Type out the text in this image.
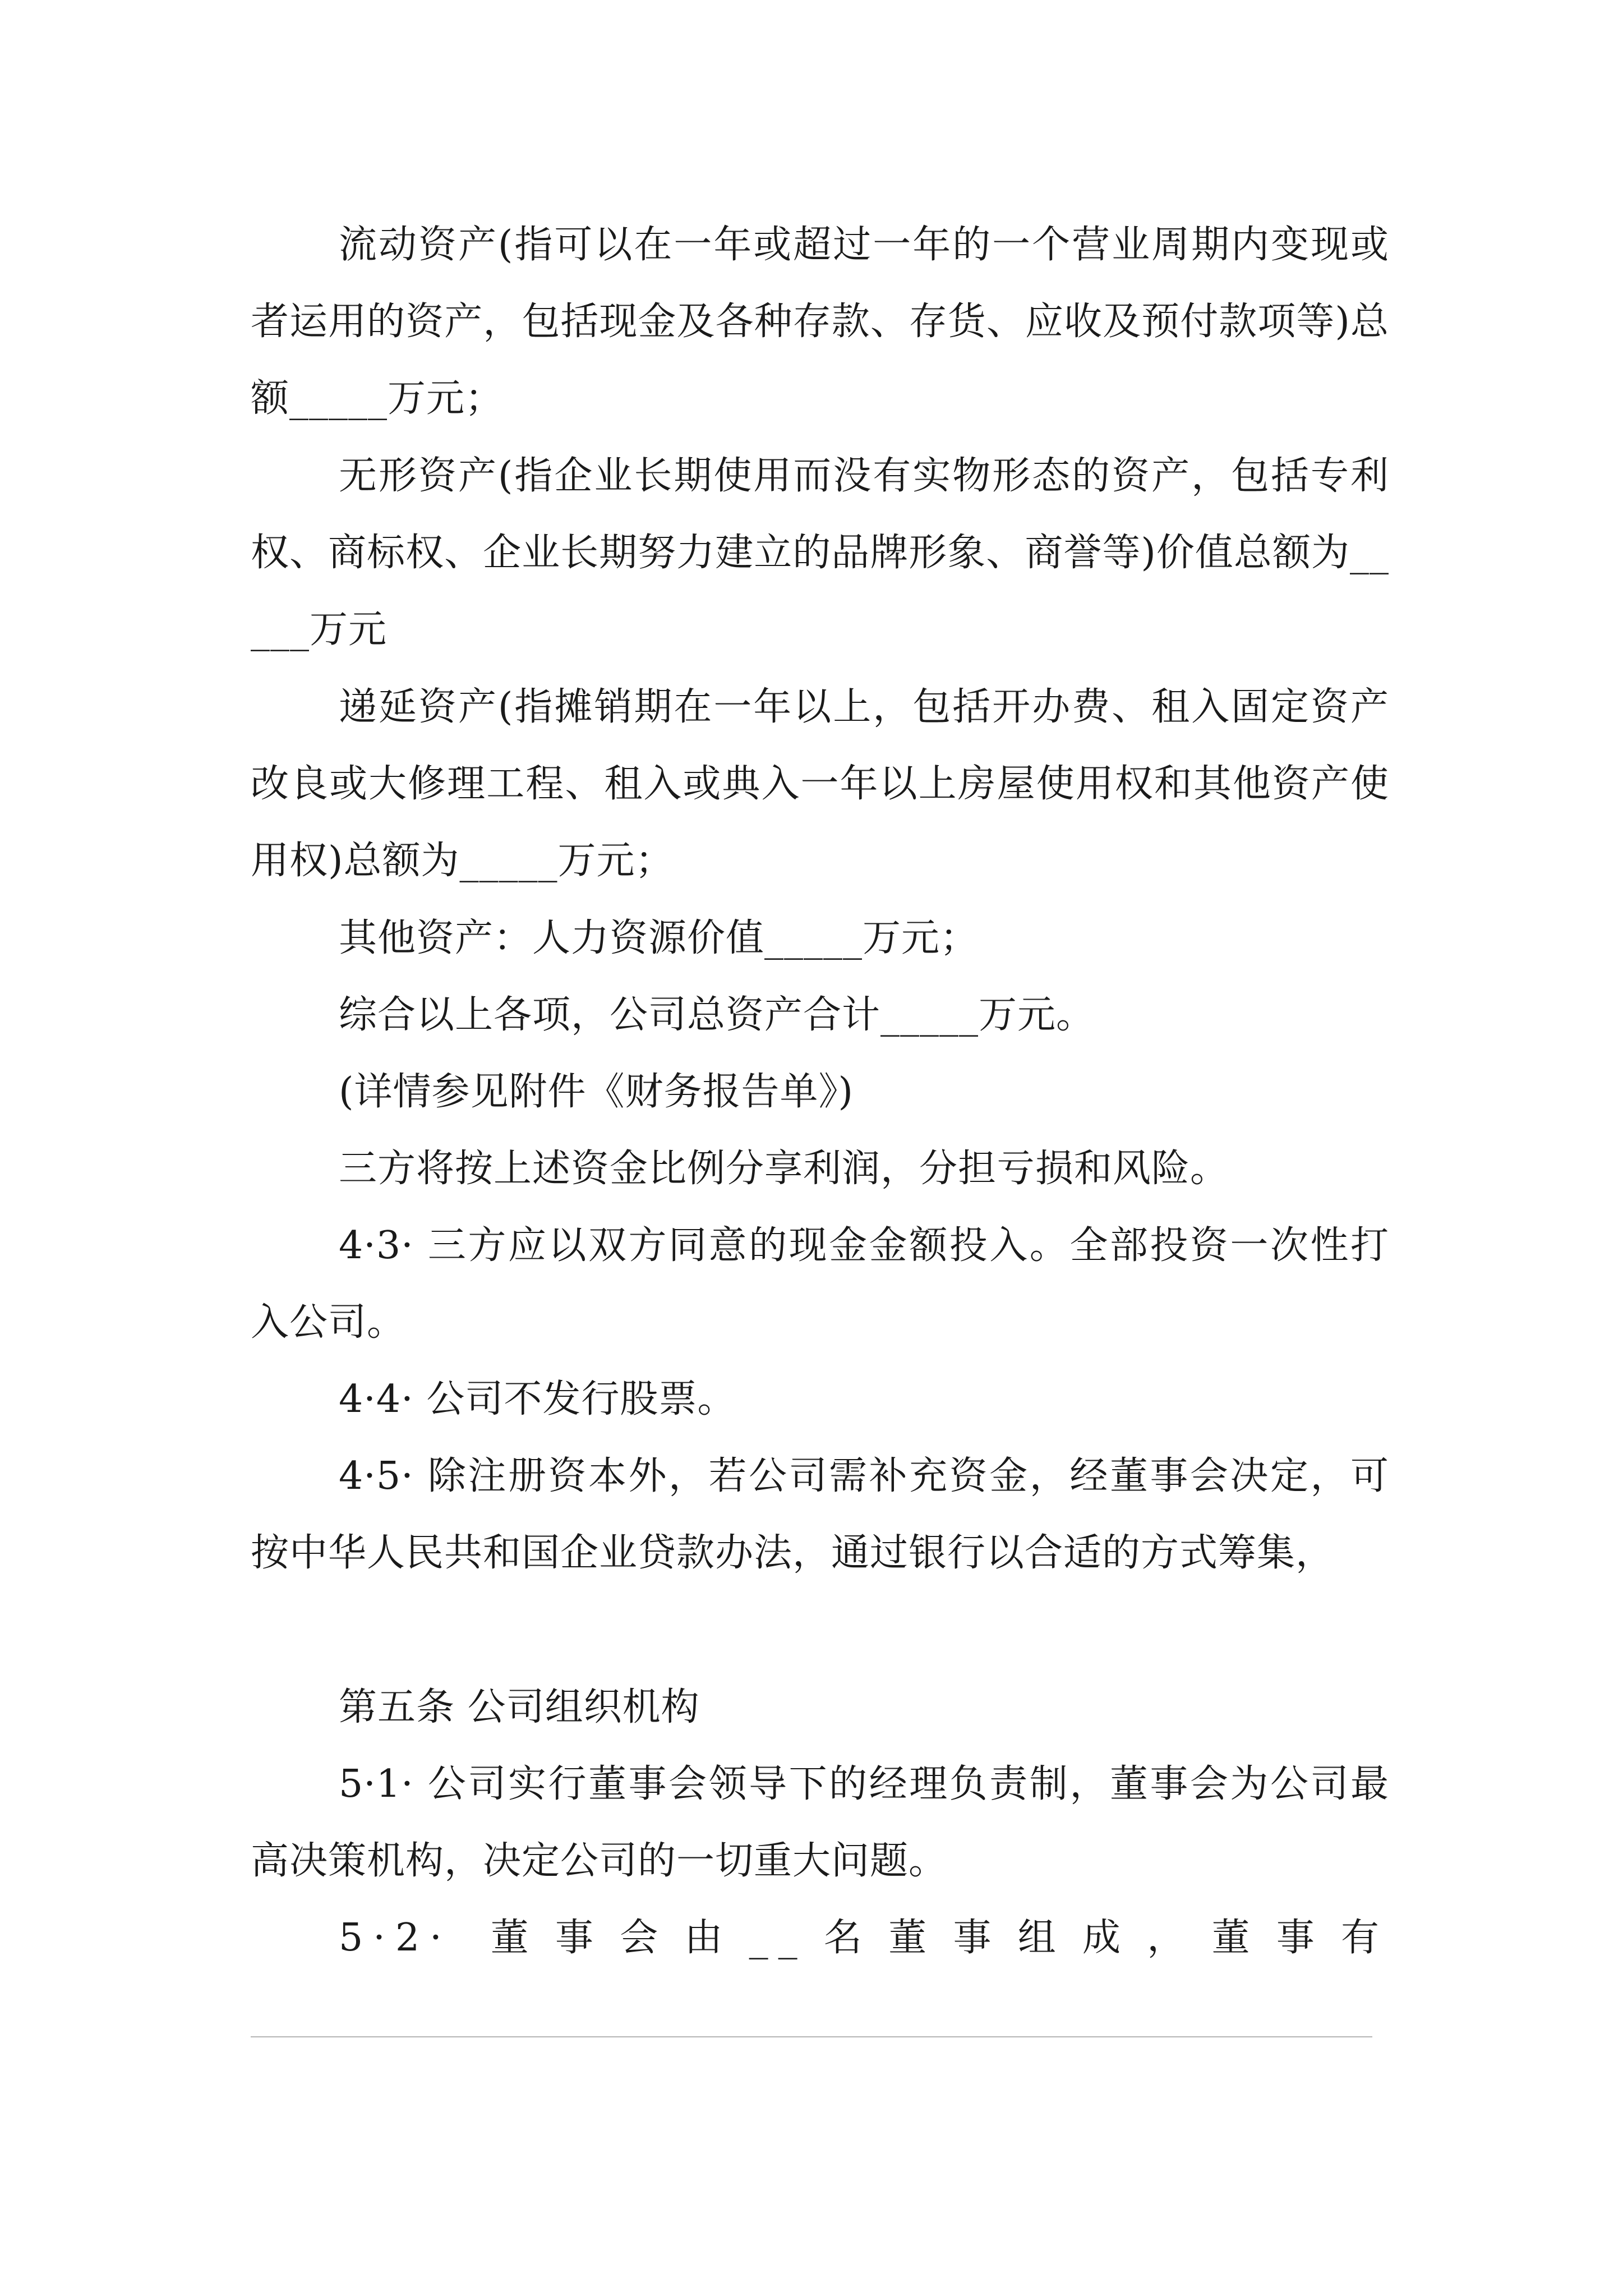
流动资产(指可以在一年或超过一年的一个营业周期内变现或者运用的资产，包括现金及各种存款、存货、应收及预付款项等)总额_____万元；

无形资产(指企业长期使用而没有实物形态的资产，包括专利权、商标权、企业长期努力建立的品牌形象、商誉等)价值总额为_____万元

递延资产(指摊销期在一年以上，包括开办费、租入固定资产改良或大修理工程、租入或典入一年以上房屋使用权和其他资产使用权)总额为_____万元；

其他资产：人力资源价值_____万元；

综合以上各项，公司总资产合计_____万元。

(详情参见附件《财务报告单》)

三方将按上述资金比例分享利润，分担亏损和风险。

4·3· 三方应以双方同意的现金金额投入。全部投资一次性打入公司。

4·4· 公司不发行股票。

4·5· 除注册资本外，若公司需补充资金，经董事会决定，可按中华人民共和国企业贷款办法，通过银行以合适的方式筹集，

第五条 公司组织机构

5·1· 公司实行董事会领导下的经理负责制，董事会为公司最高决策机构，决定公司的一切重大问题。

5·2· 董事会由__名董事组成，董事有
